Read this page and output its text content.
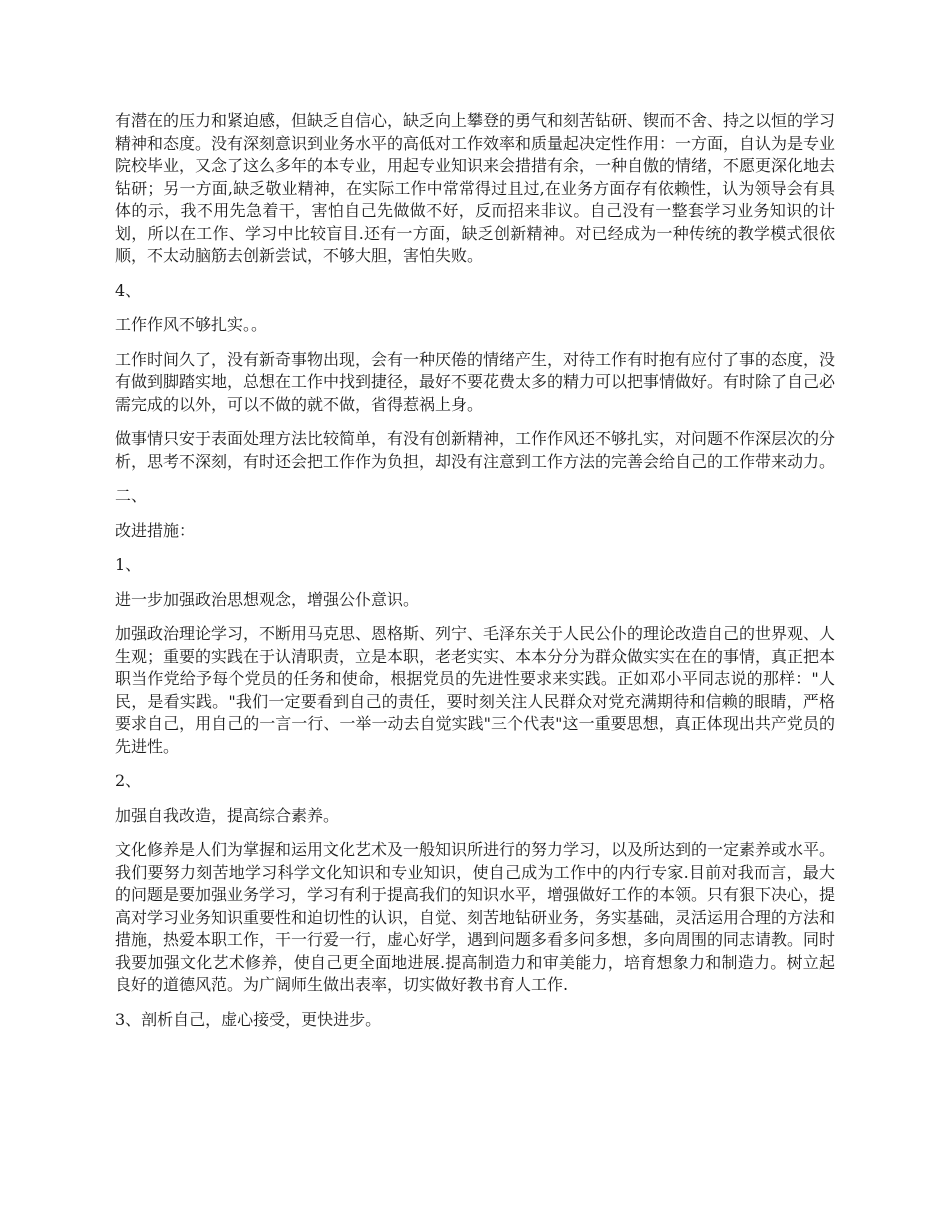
有潜在的压力和紧迫感，但缺乏自信心，缺乏向上攀登的勇气和刻苦钻研、锲而不舍、持之以恒的学习精神和态度。没有深刻意识到业务水平的高低对工作效率和质量起决定性作用：一方面，自认为是专业院校毕业，又念了这么多年的本专业，用起专业知识来会措措有余，一种自傲的情绪，不愿更深化地去钻研；另一方面,缺乏敬业精神，在实际工作中常常得过且过,在业务方面存有依赖性，认为领导会有具体的示，我不用先急着干，害怕自己先做做不好，反而招来非议。自己没有一整套学习业务知识的计划，所以在工作、学习中比较盲目.还有一方面，缺乏创新精神。对已经成为一种传统的教学模式很依顺，不太动脑筋去创新尝试，不够大胆，害怕失败。

4、

工作作风不够扎实。。

工作时间久了，没有新奇事物出现，会有一种厌倦的情绪产生，对待工作有时抱有应付了事的态度，没有做到脚踏实地，总想在工作中找到捷径，最好不要花费太多的精力可以把事情做好。有时除了自己必需完成的以外，可以不做的就不做，省得惹祸上身。

做事情只安于表面处理方法比较简单，有没有创新精神，工作作风还不够扎实，对问题不作深层次的分析，思考不深刻，有时还会把工作作为负担，却没有注意到工作方法的完善会给自己的工作带来动力。

二、

改进措施：

1、

进一步加强政治思想观念，增强公仆意识。

加强政治理论学习，不断用马克思、恩格斯、列宁、毛泽东关于人民公仆的理论改造自己的世界观、人生观；重要的实践在于认清职责，立是本职，老老实实、本本分分为群众做实实在在的事情，真正把本职当作党给予每个党员的任务和使命，根据党员的先进性要求来实践。正如邓小平同志说的那样："人民，是看实践。"我们一定要看到自己的责任，要时刻关注人民群众对党充满期待和信赖的眼睛，严格要求自己，用自己的一言一行、一举一动去自觉实践"三个代表"这一重要思想，真正体现出共产党员的先进性。

2、

加强自我改造，提高综合素养。

文化修养是人们为掌握和运用文化艺术及一般知识所进行的努力学习，以及所达到的一定素养或水平。我们要努力刻苦地学习科学文化知识和专业知识，使自己成为工作中的内行专家.目前对我而言，最大的问题是要加强业务学习，学习有利于提高我们的知识水平，增强做好工作的本领。只有狠下决心，提高对学习业务知识重要性和迫切性的认识，自觉、刻苦地钻研业务，务实基础，灵活运用合理的方法和措施，热爱本职工作，干一行爱一行，虚心好学，遇到问题多看多问多想，多向周围的同志请教。同时我要加强文化艺术修养，使自己更全面地进展.提高制造力和审美能力，培育想象力和制造力。树立起良好的道德风范。为广阔师生做出表率，切实做好教书育人工作.

3、剖析自己，虚心接受，更快进步。
